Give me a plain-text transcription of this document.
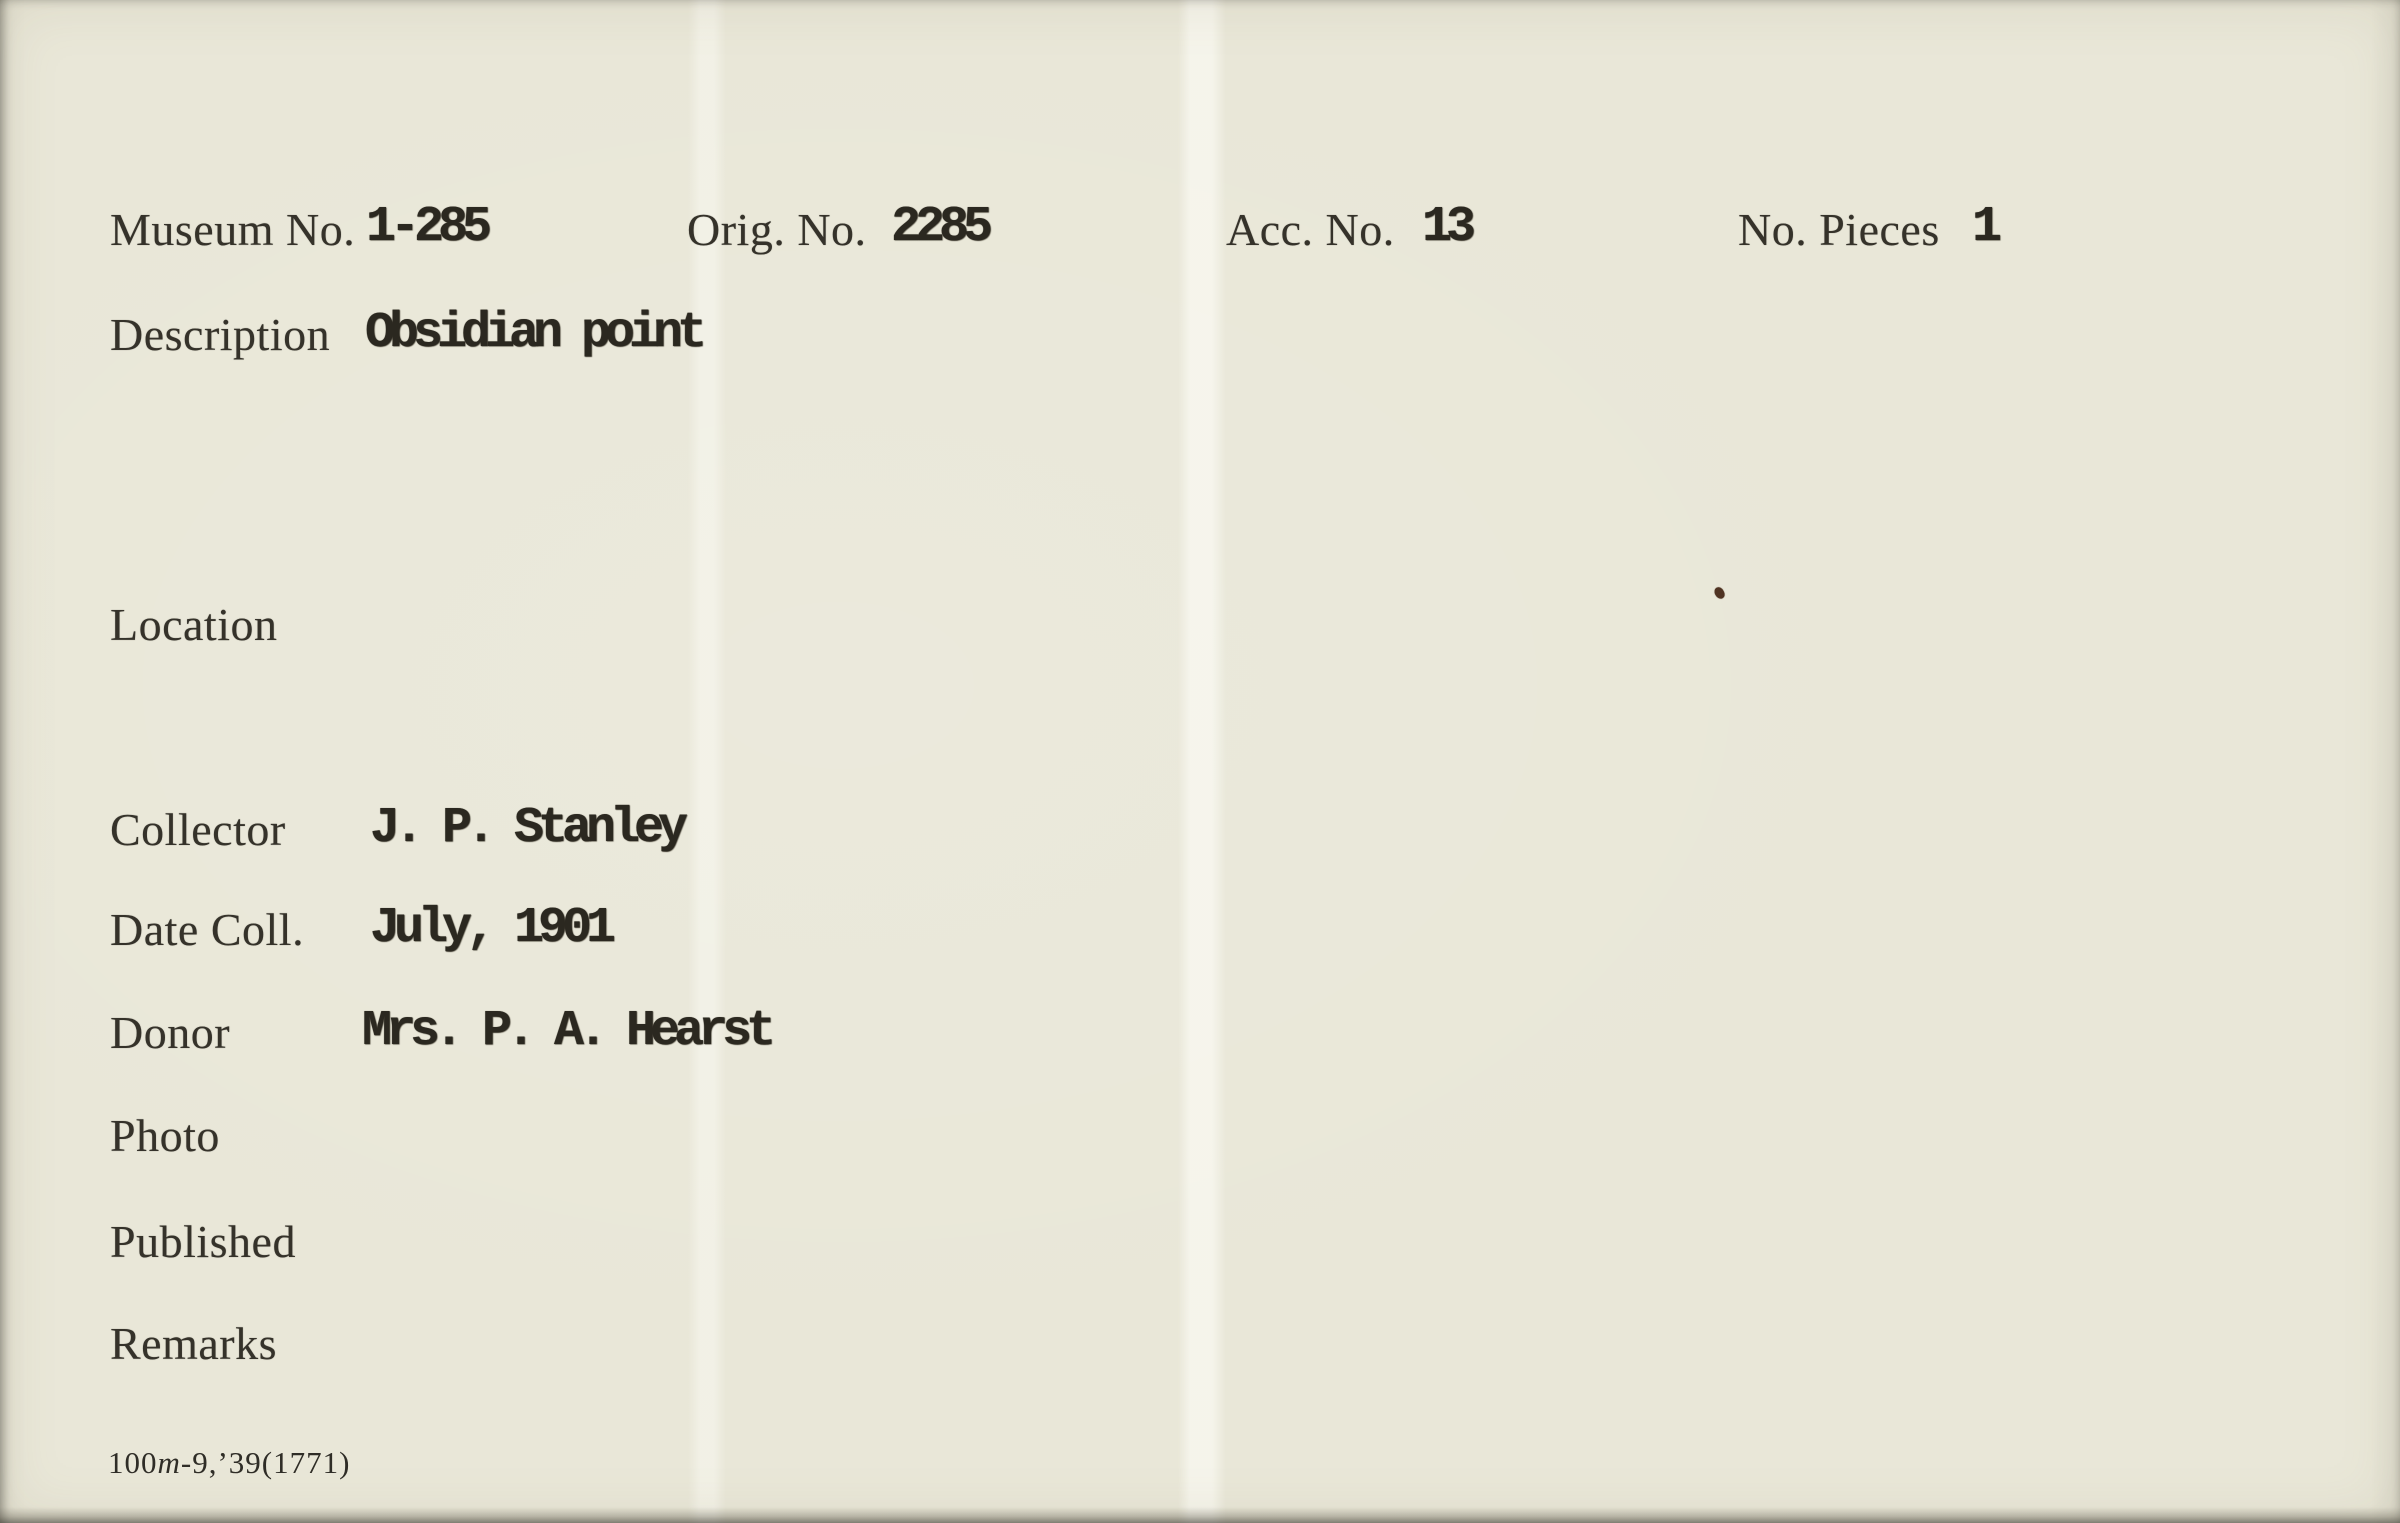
Museum No. 1-285	Orig. No. 2285	Acc. No. 13	No. Pieces 1
Description Obsidian point
Location
Collector J. P. Stanley
Date Coll. July, 1901
Donor	Mrs. P. A. Hearst
Photo
Published
Remarks
100m-9,’39(1771)
